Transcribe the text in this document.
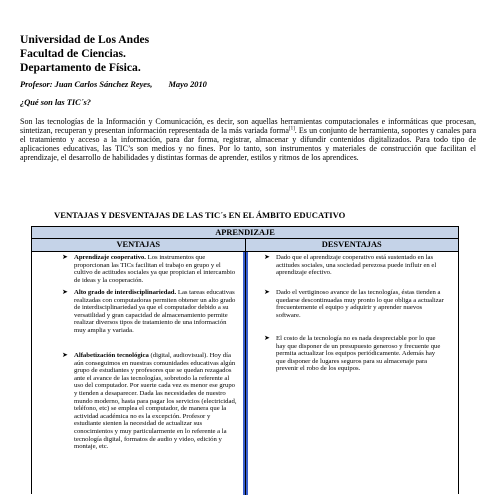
Universidad de Los Andes
Facultad de Ciencias.
Departamento de Física.
Profesor: Juan Carlos Sánchez Reyes, Mayo 2010
¿Qué son las TIC´s?

Son las tecnologías de la Información y Comunicación, es decir, son aquellas herramientas computacionales e informáticas que procesan, sintetizan, recuperan y presentan información representada de la más variada forma[1]. Es un conjunto de herramienta, soportes y canales para el tratamiento y acceso a la información, para dar forma, registrar, almacenar y difundir contenidos digitalizados. Para todo tipo de aplicaciones educativas, las TIC’s son medios y no fines. Por lo tanto, son instrumentos y materiales de construcción que facilitan el aprendizaje, el desarrollo de habilidades y distintas formas de aprender, estilos y ritmos de los aprendices.

VENTAJAS Y DESVENTAJAS DE LAS TIC´s EN EL ÁMBITO EDUCATIVO
APRENDIZAJE
VENTAJAS	DESVENTAJAS
➤ Aprendizaje cooperativo. Los instrumentos que proporcionan las TICs facilitan el trabajo en grupo y el cultivo de actitudes sociales ya que propician el intercambio de ideas y la cooperación.
➤ Alto grado de interdisciplinariedad. Las tareas educativas realizadas con computadoras permiten obtener un alto grado de interdisciplinariedad ya que el computador debido a su versatilidad y gran capacidad de almacenamiento permite realizar diversos tipos de tratamiento de una información muy amplia y variada.
➤ Alfabetización tecnológica (digital, audiovisual). Hoy día aún conseguimos en nuestras comunidades educativas algún grupo de estudiantes y profesores que se quedan rezagados ante el avance de las tecnologías, sobretodo la referente al uso del computador. Por suerte cada vez es menor ese grupo y tienden a desaparecer. Dada las necesidades de nuestro mundo moderno, hasta para pagar los servicios (electricidad, teléfono, etc) se emplea el computador, de manera que la actividad académica no es la excepción. Profesor y estudiante sienten la necesidad de actualizar sus conocimientos y muy particularmente en lo referente a la tecnología digital, formatos de audio y video, edición y montaje, etc.
➤ Dado que el aprendizaje cooperativo está sustentado en las actitudes sociales, una sociedad perezosa puede influir en el aprendizaje efectivo.
➤ Dado el vertiginoso avance de las tecnologías, éstas tienden a quedarse descontinuadas muy pronto lo que obliga a actualizar frecuentemente el equipo y adquirir y aprender nuevos software.
➤ El costo de la tecnología no es nada despreciable por lo que hay que disponer de un presupuesto generoso y frecuente que permita actualizar los equipos periódicamente. Además hay que disponer de lugares seguros para su almacenaje para prevenir el robo de los equipos.
